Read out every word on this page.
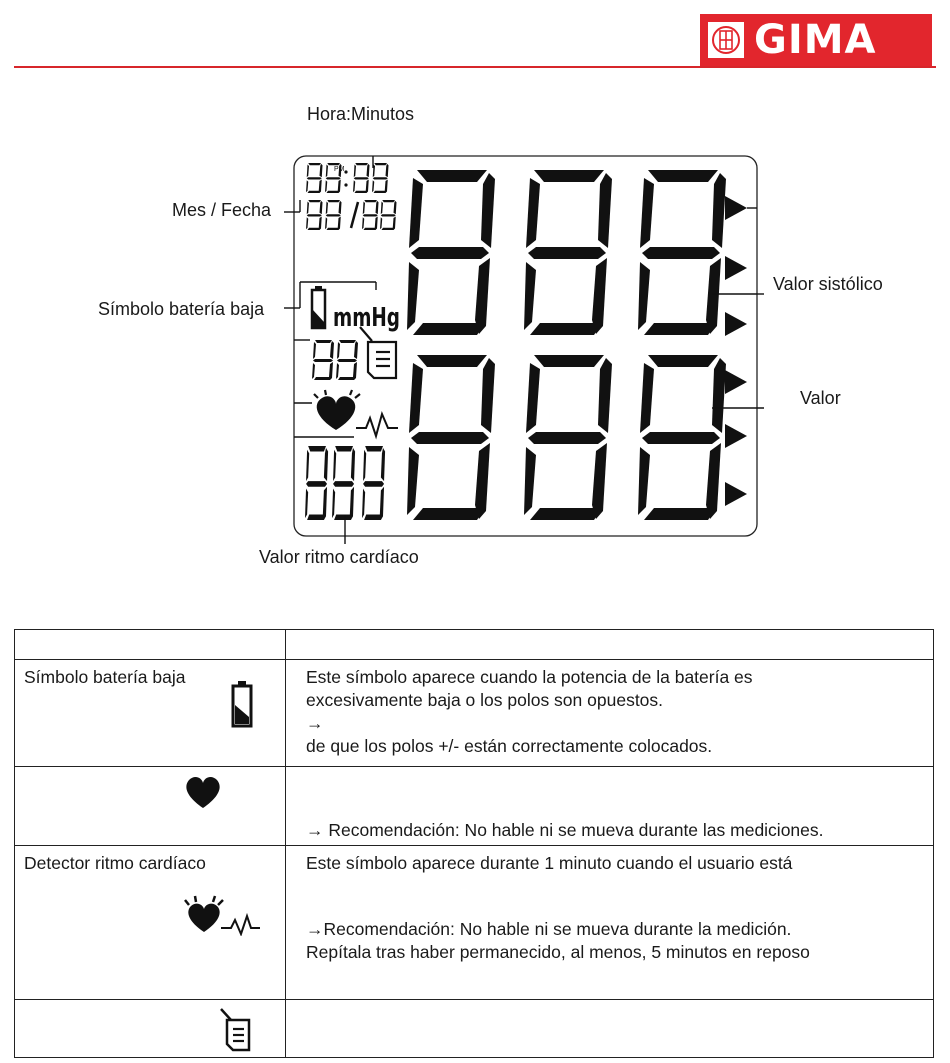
GIMA
Hora:Minutos
Mes / Fecha
Símbolo batería baja
Valor sistólico
Valor
Valor ritmo cardíaco
PM
mmHg

Símbolo batería baja	Este símbolo aparece cuando la potencia de la batería es

excesivamente baja o los polos son opuestos.

→

de que los polos +/- están correctamente colocados.

→ Recomendación: No hable ni se mueva durante las mediciones.

Detector ritmo cardíaco	Este símbolo aparece durante 1 minuto cuando el usuario está

→Recomendación: No hable ni se mueva durante la medición.

Repítala tras haber permanecido, al menos, 5 minutos en reposo
